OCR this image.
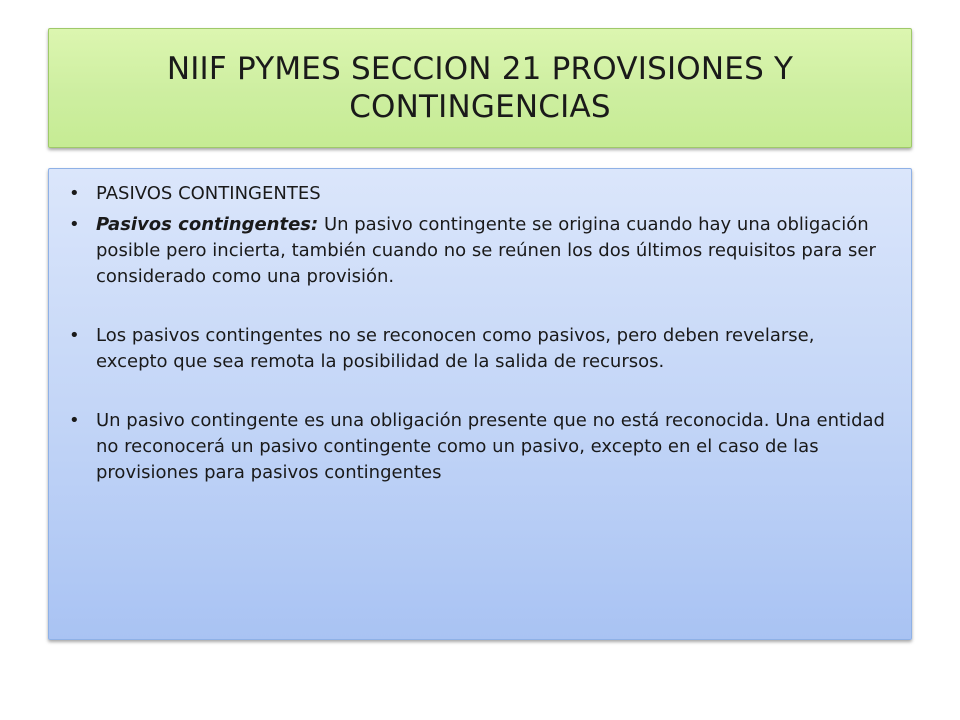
NIIF PYMES SECCION 21 PROVISIONES Y CONTINGENCIAS
• PASIVOS CONTINGENTES
• Pasivos contingentes: Un pasivo contingente se origina cuando hay una obligación posible pero incierta, también cuando no se reúnen los dos últimos requisitos para ser considerado como una provisión.
• Los pasivos contingentes no se reconocen como pasivos, pero deben revelarse, excepto que sea remota la posibilidad de la salida de recursos.
• Un pasivo contingente es una obligación presente que no está reconocida. Una entidad no reconocerá un pasivo contingente como un pasivo, excepto en el caso de las provisiones para pasivos contingentes
